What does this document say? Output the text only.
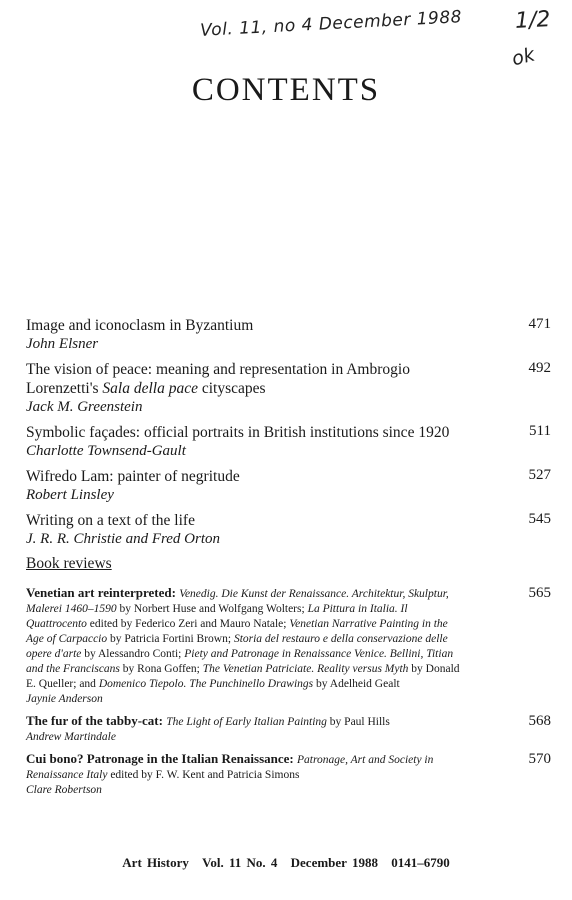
Vol. 11, no 4 December 1988 1/2
ok
CONTENTS
Image and iconoclasm in Byzantium
John Elsner
471
The vision of peace: meaning and representation in Ambrogio Lorenzetti's Sala della pace cityscapes
Jack M. Greenstein
492
Symbolic façades: official portraits in British institutions since 1920
Charlotte Townsend-Gault
511
Wifredo Lam: painter of negritude
Robert Linsley
527
Writing on a text of the life
J. R. R. Christie and Fred Orton
545
Book reviews
Venetian art reinterpreted: Venedig. Die Kunst der Renaissance. Architektur, Skulptur, Malerei 1460–1590 by Norbert Huse and Wolfgang Wolters; La Pittura in Italia. Il Quattrocento edited by Federico Zeri and Mauro Natale; Venetian Narrative Painting in the Age of Carpaccio by Patricia Fortini Brown; Storia del restauro e della conservazione delle opere d'arte by Alessandro Conti; Piety and Patronage in Renaissance Venice. Bellini, Titian and the Franciscans by Rona Goffen; The Venetian Patriciate. Reality versus Myth by Donald E. Queller; and Domenico Tiepolo. The Punchinello Drawings by Adelheid Gealt
Jaynie Anderson
565
The fur of the tabby-cat: The Light of Early Italian Painting by Paul Hills
Andrew Martindale
568
Cui bono? Patronage in the Italian Renaissance: Patronage, Art and Society in Renaissance Italy edited by F. W. Kent and Patricia Simons
Clare Robertson
570
Art History Vol. 11 No. 4 December 1988 0141–6790
